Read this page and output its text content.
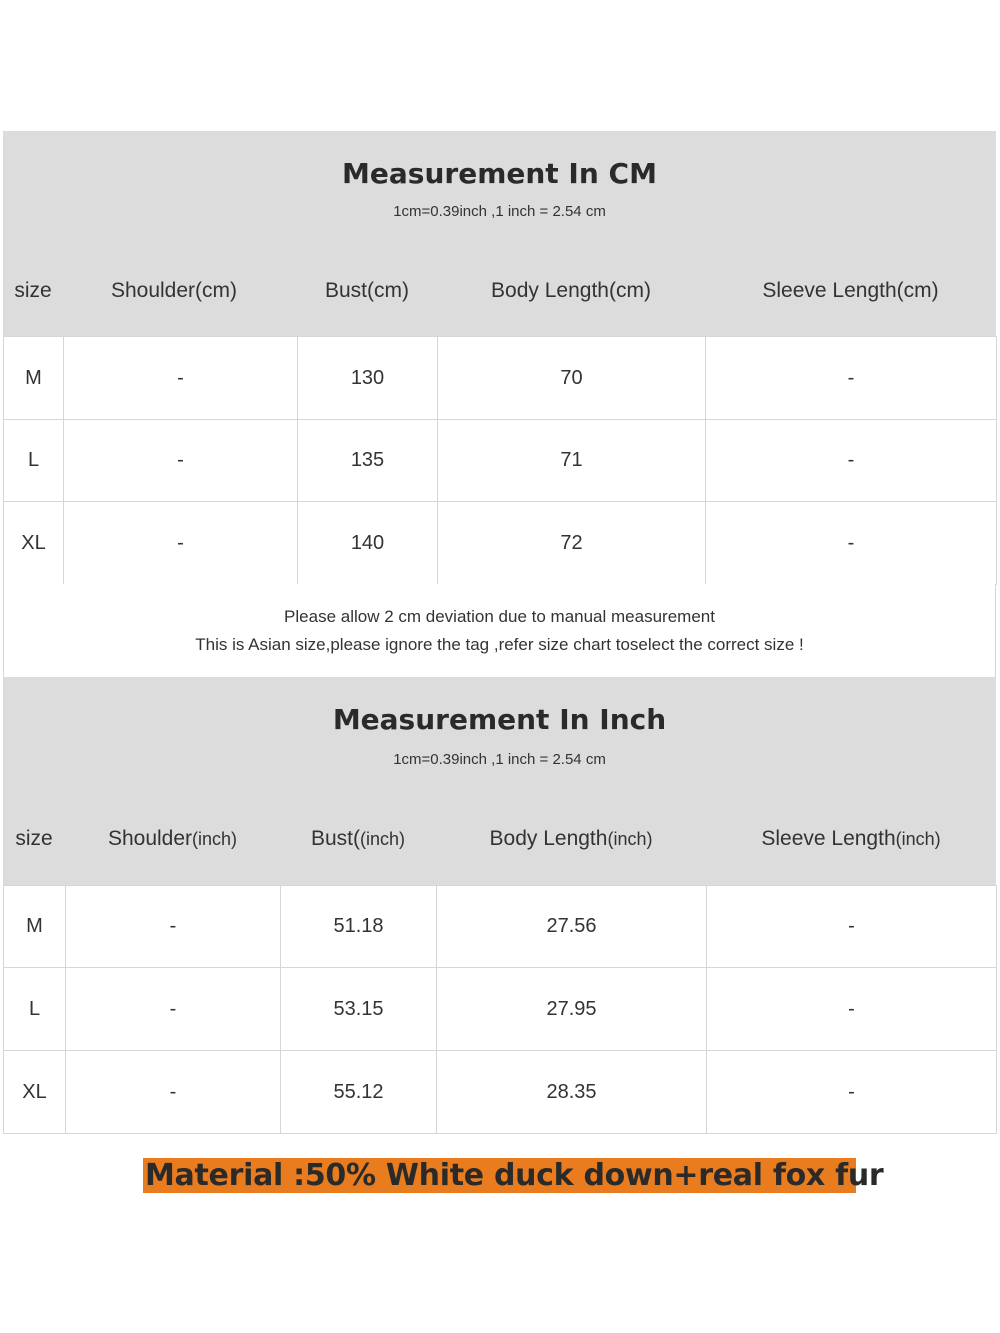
Measurement In CM
1cm=0.39inch ,1 inch = 2.54 cm
size	Shoulder(cm)	Bust(cm)	Body Length(cm)	Sleeve Length(cm)
M	-	130	70	-
L	-	135	71	-
XL	-	140	72	-
Please allow 2 cm deviation due to manual measurement
This is Asian size,please ignore the tag ,refer size chart toselect the correct size !
Measurement In Inch
1cm=0.39inch ,1 inch = 2.54 cm
size	Shoulder(inch)	Bust((inch)	Body Length(inch)	Sleeve Length(inch)
M	-	51.18	27.56	-
L	-	53.15	27.95	-
XL	-	55.12	28.35	-
Material :50% White duck down+real fox fur
